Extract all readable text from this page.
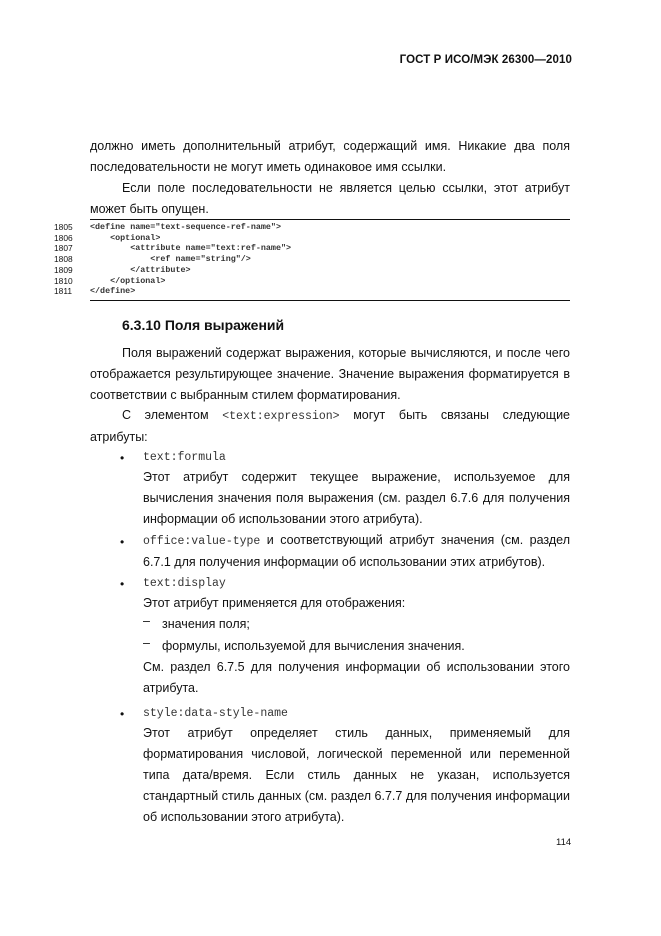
ГОСТ Р ИСО/МЭК 26300—2010
должно иметь дополнительный атрибут, содержащий имя. Никакие два поля последовательности не могут иметь одинаковое имя ссылки.
Если поле последовательности не является целью ссылки, этот атрибут может быть опущен.
1805	<define name="text-sequence-ref-name">
1806	<optional>
1807	<attribute name="text:ref-name">
1808	<ref name="string"/>
1809	</attribute>
1810	</optional>
1811	</define>
6.3.10 Поля выражений
Поля выражений содержат выражения, которые вычисляются, и после чего отображается результирующее значение. Значение выражения форматируется в соответствии с выбранным стилем форматирования.
С элементом <text:expression> могут быть связаны следующие атрибуты:
• text:formula
Этот атрибут содержит текущее выражение, используемое для вычисления значения поля выражения (см. раздел 6.7.6 для получения информации об использовании этого атрибута).
• office:value-type и соответствующий атрибут значения (см. раздел 6.7.1 для получения информации об использовании этих атрибутов).
• text:display
Этот атрибут применяется для отображения:
– значения поля;
– формулы, используемой для вычисления значения.
См. раздел 6.7.5 для получения информации об использовании этого атрибута.
• style:data-style-name
Этот атрибут определяет стиль данных, применяемый для форматирования числовой, логической переменной или переменной типа дата/время. Если стиль данных не указан, используется стандартный стиль данных (см. раздел 6.7.7 для получения информации об использовании этого атрибута).
114
